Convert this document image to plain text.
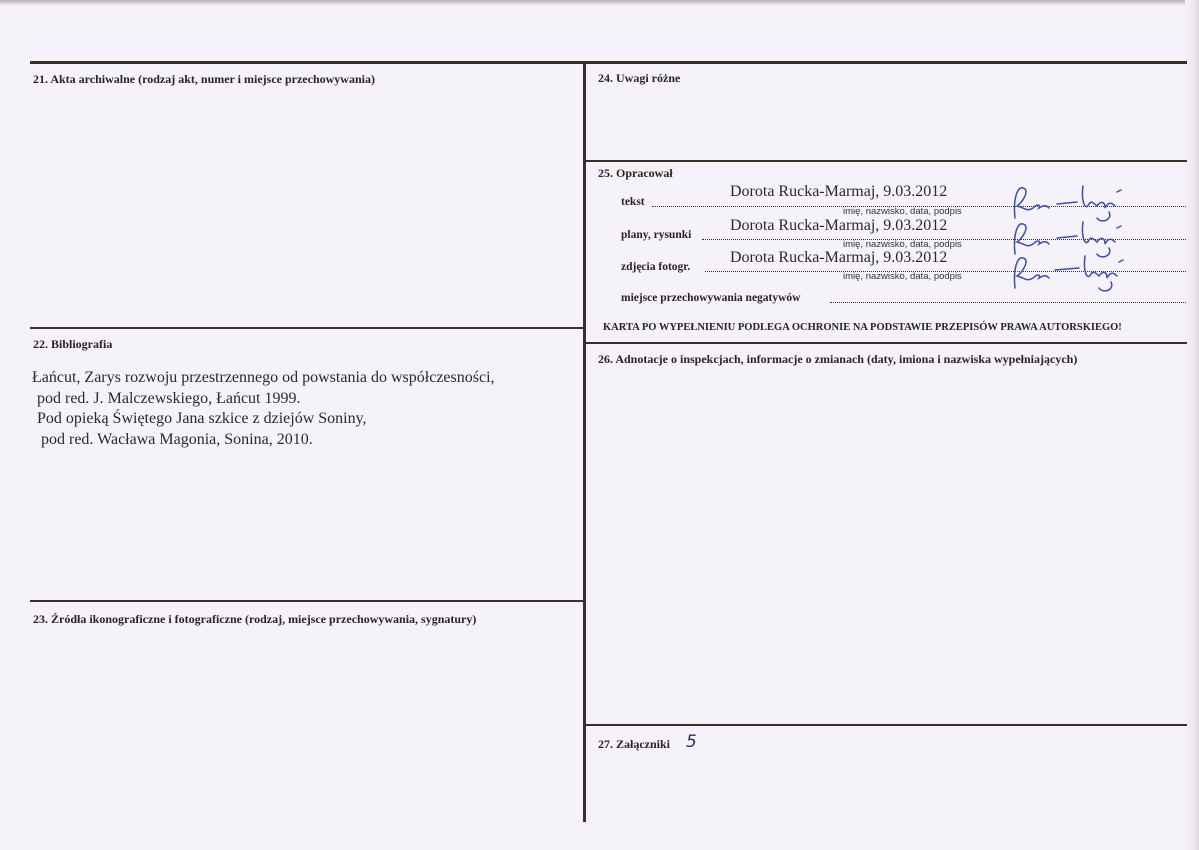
21. Akta archiwalne (rodzaj akt, numer i miejsce przechowywania)
22. Bibliografia
Łańcut, Zarys rozwoju przestrzennego od powstania do współczesności,
pod red. J. Malczewskiego, Łańcut 1999.
Pod opieką Świętego Jana szkice z dziejów Soniny,
pod red. Wacława Magonia, Sonina, 2010.
23. Źródła ikonograficzne i fotograficzne (rodzaj, miejsce przechowywania, sygnatury)
24. Uwagi różne
25. Opracował
tekst
Dorota Rucka-Marmaj, 9.03.2012
imię, nazwisko, data, podpis
plany, rysunki
Dorota Rucka-Marmaj, 9.03.2012
imię, nazwisko, data, podpis
zdjęcia fotogr.
Dorota Rucka-Marmaj, 9.03.2012
imię, nazwisko, data, podpis
miejsce przechowywania negatywów
KARTA PO WYPEŁNIENIU PODLEGA OCHRONIE NA PODSTAWIE PRZEPISÓW PRAWA AUTORSKIEGO!
26. Adnotacje o inspekcjach, informacje o zmianach (daty, imiona i nazwiska wypełniających)
27. Załączniki 5
